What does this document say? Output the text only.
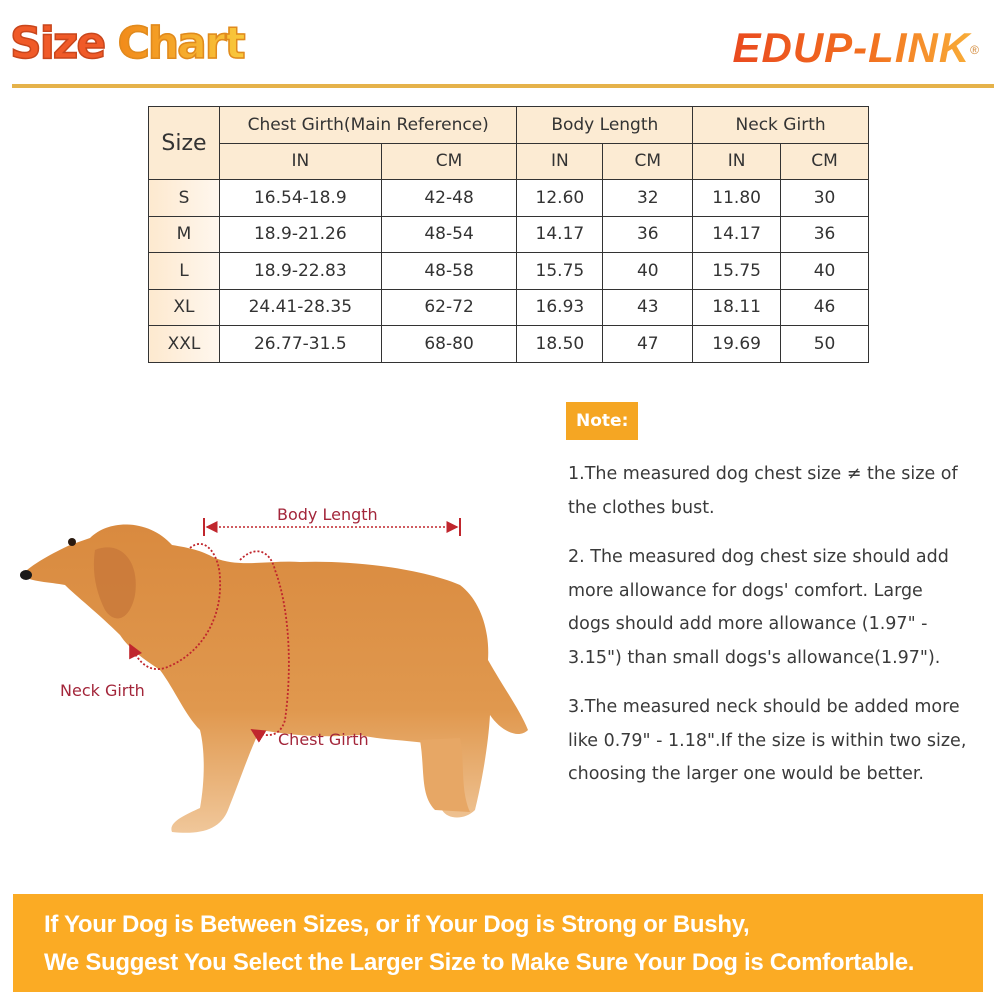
Size Chart	EDUP-LINK®
Size	Chest Girth(Main Reference)		Body Length		Neck Girth	
	IN	CM	IN	CM	IN	CM
S	16.54-18.9	42-48	12.60	32	11.80	30
M	18.9-21.26	48-54	14.17	36	14.17	36
L	18.9-22.83	48-58	15.75	40	15.75	40
XL	24.41-28.35	62-72	16.93	43	18.11	46
XXL	26.77-31.5	68-80	18.50	47	19.69	50
Body Length
Neck Girth
Chest Girth
Note:

1.The measured dog chest size ≠ the size of the clothes bust.

2. The measured dog chest size should add more allowance for dogs' comfort. Large dogs should add more allowance (1.97" - 3.15") than small dogs's allowance(1.97").

3.The measured neck should be added more like 0.79" - 1.18".If the size is within two size, choosing the larger one would be better.

If Your Dog is Between Sizes, or if Your Dog is Strong or Bushy,
We Suggest You Select the Larger Size to Make Sure Your Dog is Comfortable.
